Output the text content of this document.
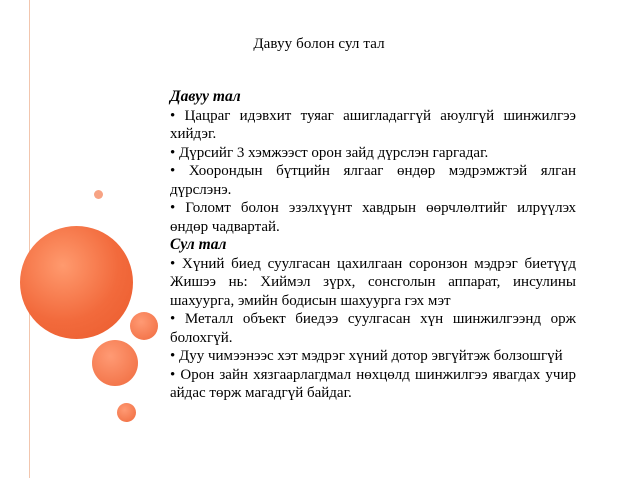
Давуу болон сул тал

Давуу тал

• Цацраг идэвхит туяаг ашигладаггүй аюулгүй шинжилгээ хийдэг.

• Дүрсийг 3 хэмжээст орон зайд дүрслэн гаргадаг.

• Хоорондын бүтцийн ялгааг өндөр мэдрэмжтэй ялган дүрслэнэ.

• Голомт болон эзэлхүүнт хавдрын өөрчлөлтийг илрүүлэх өндөр чадвартай.

Сул тал

• Хүний биед суулгасан цахилгаан соронзон мэдрэг биетүүд Жишээ нь: Хиймэл зүрх, сонсголын аппарат, инсулины шахуурга, эмийн бодисын шахуурга гэх мэт

• Металл объект биедээ суулгасан хүн шинжилгээнд орж болохгүй.

• Дуу чимээнээс хэт мэдрэг хүний дотор эвгүйтэж болзошгүй

• Орон зайн хязгаарлагдмал нөхцөлд шинжилгээ явагдах учир айдас төрж магадгүй байдаг.
